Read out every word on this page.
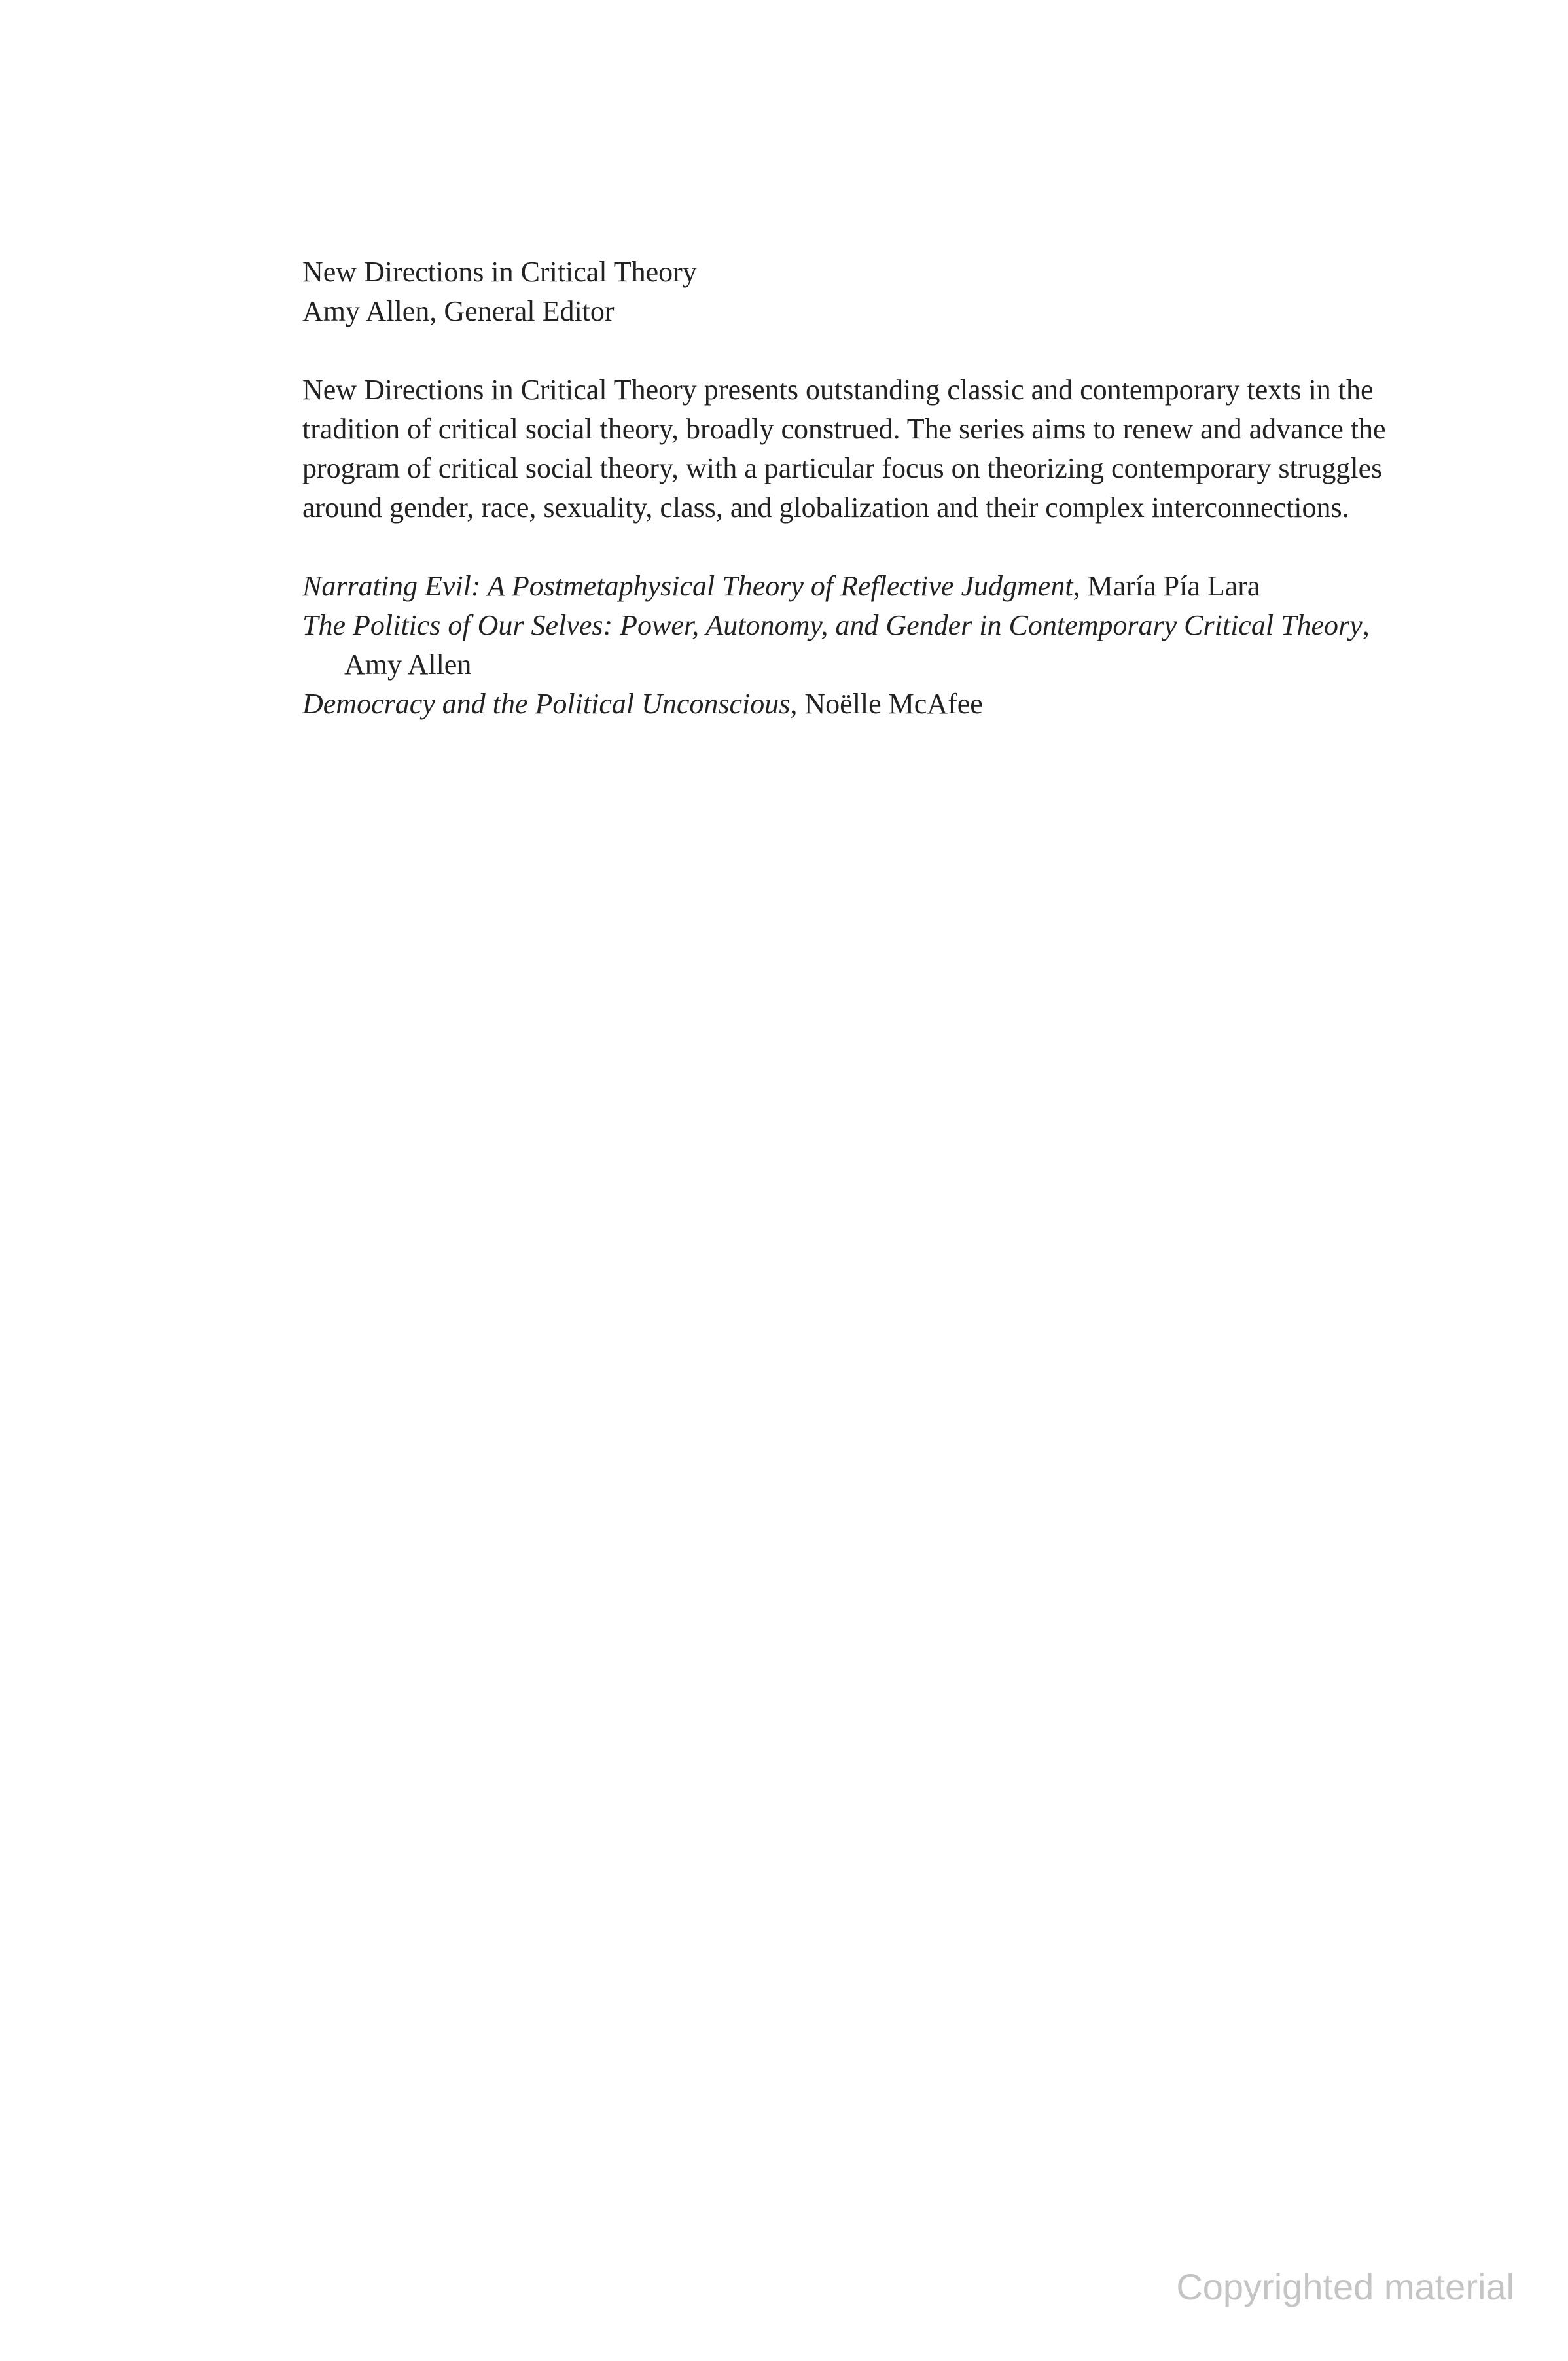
New Directions in Critical Theory

Amy Allen, General Editor

New Directions in Critical Theory presents outstanding classic and contemporary texts in the tradition of critical social theory, broadly construed. The series aims to renew and advance the program of critical social theory, with a particular focus on theorizing contemporary struggles around gender, race, sexuality, class, and globalization and their complex interconnections.

Narrating Evil: A Postmetaphysical Theory of Reflective Judgment, María Pía Lara
The Politics of Our Selves: Power, Autonomy, and Gender in Contemporary Critical Theory, Amy Allen
Democracy and the Political Unconscious, Noëlle McAfee
Copyrighted material
